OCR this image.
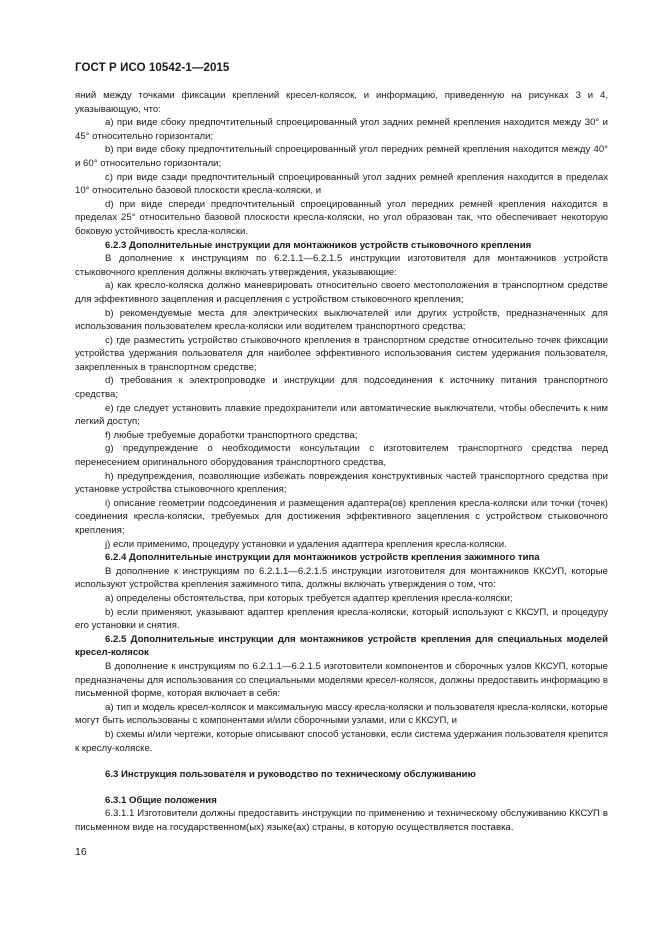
ГОСТ Р ИСО 10542-1—2015

яний между точками фиксации креплений кресел-колясок, и информацию, приведенную на рисунках 3 и 4, указывающую, что:

а) при виде сбоку предпочтительный спроецированный угол задних ремней крепления находится между 30° и 45° относительно горизонтали;

b) при виде сбоку предпочтительный спроецированный угол передних ремней крепления находится между 40° и 60° относительно горизонтали;

c) при виде сзади предпочтительный спроецированный угол задних ремней крепления находится в пределах 10° относительно базовой плоскости кресла-коляски, и

d) при виде спереди предпочтительный спроецированный угол передних ремней крепления находится в пределах 25° относительно базовой плоскости кресла-коляски, но угол образован так, что обеспечивает некоторую боковую устойчивость кресла-коляски.

6.2.3 Дополнительные инструкции для монтажников устройств стыковочного крепления

В дополнение к инструкциям по 6.2.1.1—6.2.1.5 инструкции изготовителя для монтажников устройств стыковочного крепления должны включать утверждения, указывающие:

а) как кресло-коляска должно маневрировать относительно своего местоположения в транспортном средстве для эффективного зацепления и расцепления с устройством стыковочного крепления;

b) рекомендуемые места для электрических выключателей или других устройств, предназначенных для использования пользователем кресла-коляски или водителем транспортного средства;

c) где разместить устройство стыковочного крепления в транспортном средстве относительно точек фиксации устройства удержания пользователя для наиболее эффективного использования систем удержания пользователя, закрепленных в транспортном средстве;

d) требования к электропроводке и инструкции для подсоединения к источнику питания транспортного средства;

e) где следует установить плавкие предохранители или автоматические выключатели, чтобы обеспечить к ним легкий доступ;

f) любые требуемые доработки транспортного средства;

g) предупреждение о необходимости консультации с изготовителем транспортного средства перед перенесением оригинального оборудования транспортного средства,

h) предупреждения, позволяющие избежать повреждения конструктивных частей транспортного средства при установке устройства стыковочного крепления;

i) описание геометрии подсоединения и размещения адаптера(ов) крепления кресла-коляски или точки (точек) соединения кресла-коляски, требуемых для достижения эффективного зацепления с устройством стыковочного крепления;

j) если применимо, процедуру установки и удаления адаптера крепления кресла-коляски.

6.2.4 Дополнительные инструкции для монтажников устройств крепления зажимного типа

В дополнение к инструкциям по 6.2.1.1—6.2.1.5 инструкции изготовителя для монтажников ККСУП, которые используют устройства крепления зажимного типа, должны включать утверждения о том, что:

а) определены обстоятельства, при которых требуется адаптер крепления кресла-коляски;

b) если применяют, указывают адаптер крепления кресла-коляски, который используют с ККСУП, и процедуру его установки и снятия.

6.2.5 Дополнительные инструкции для монтажников устройств крепления для специальных моделей кресел-колясок

В дополнение к инструкциям по 6.2.1.1—6.2.1.5 изготовители компонентов и сборочных узлов ККСУП, которые предназначены для использования со специальными моделями кресел-колясок, должны предоставить информацию в письменной форме, которая включает в себя:

а) тип и модель кресел-колясок и максимальную массу кресла-коляски и пользователя кресла-коляски, которые могут быть использованы с компонентами и/или сборочными узлами, или с ККСУП, и

b) схемы и/или чертежи, которые описывают способ установки, если система удержания пользователя крепится к креслу-коляске.

6.3 Инструкция пользователя и руководство по техническому обслуживанию

6.3.1 Общие положения

6.3.1.1 Изготовители должны предоставить инструкции по применению и техническому обслуживанию ККСУП в письменном виде на государственном(ых) языке(ах) страны, в которую осуществляется поставка.

16
